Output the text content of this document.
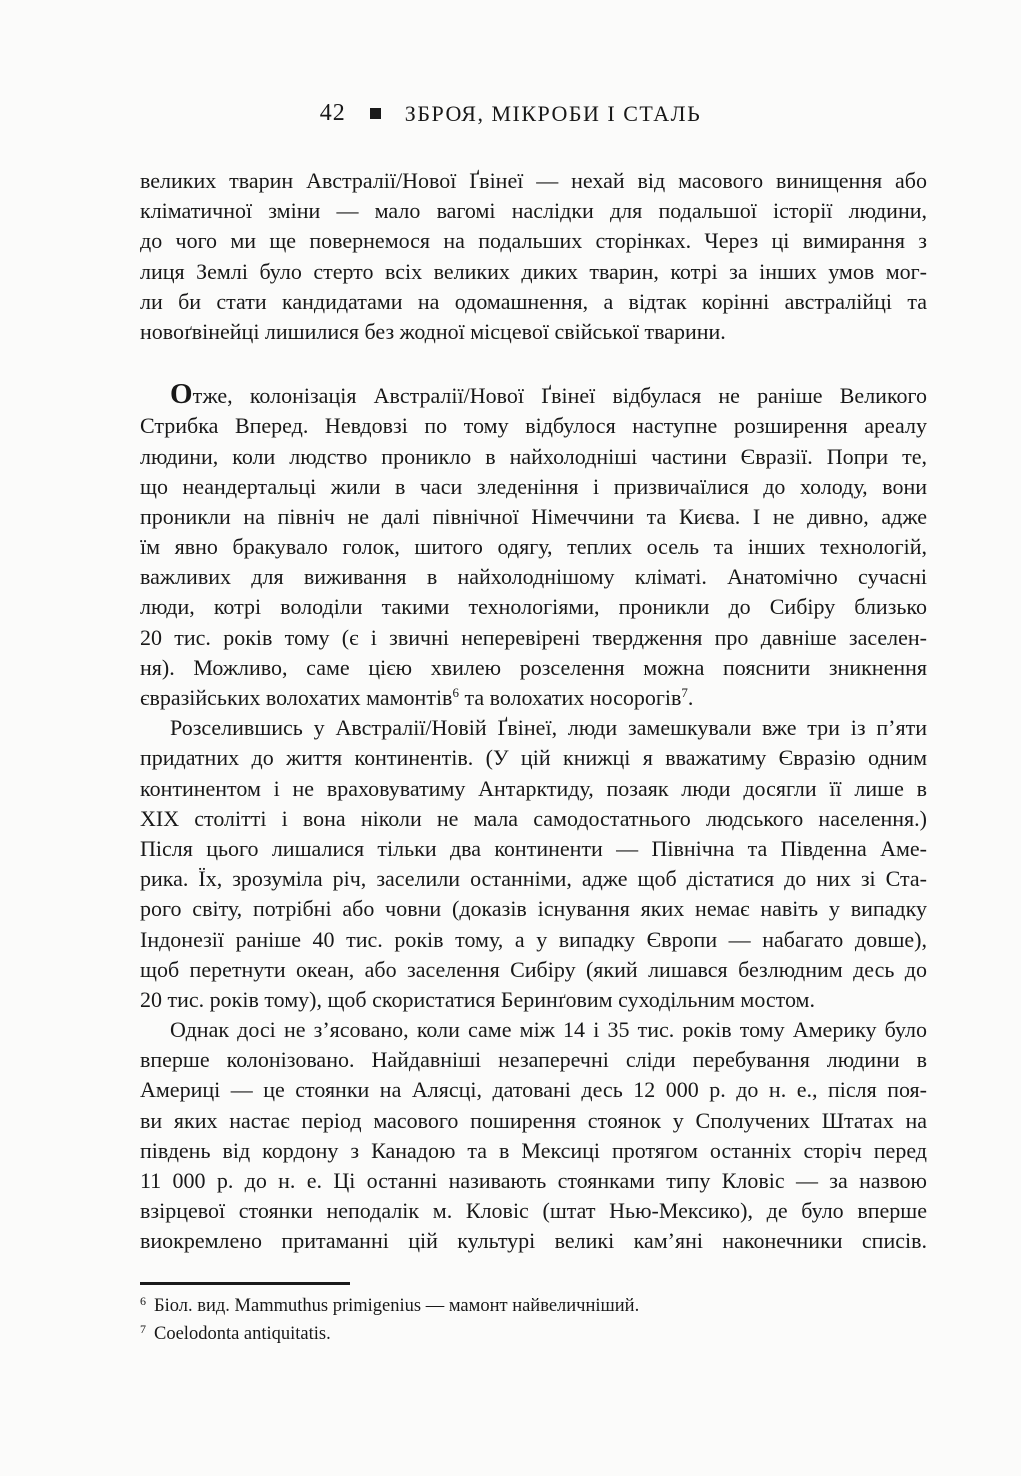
42	ЗБРОЯ, МІКРОБИ І СТАЛЬ
великих тварин Австралії/Нової Ґвінеї — нехай від масового винищення або
кліматичної зміни — мало вагомі наслідки для подальшої історії людини,
до чого ми ще повернемося на подальших сторінках. Через ці вимирання з
лиця Землі було стерто всіх великих диких тварин, котрі за інших умов мог-
ли би стати кандидатами на одомашнення, а відтак корінні австралійці та
новоґвінейці лишилися без жодної місцевої свійської тварини.
Отже, колонізація Австралії/Нової Ґвінеї відбулася не раніше Великого
Стрибка Вперед. Невдовзі по тому відбулося наступне розширення ареалу
людини, коли людство проникло в найхолодніші частини Євразії. Попри те,
що неандертальці жили в часи зледеніння і призвичаїлися до холоду, вони
проникли на північ не далі північної Німеччини та Києва. І не дивно, адже
їм явно бракувало голок, шитого одягу, теплих осель та інших технологій,
важливих для виживання в найхолоднішому кліматі. Анатомічно сучасні
люди, котрі володіли такими технологіями, проникли до Сибіру близько
20 тис. років тому (є і звичні неперевірені твердження про давніше заселен-
ня). Можливо, саме цією хвилею розселення можна пояснити зникнення
євразійських волохатих мамонтів$^6$ та волохатих носорогів$^7$.
Розселившись у Австралії/Новій Ґвінеї, люди замешкували вже три із п’яти
придатних до життя континентів. (У цій книжці я вважатиму Євразію одним
континентом і не враховуватиму Антарктиду, позаяк люди досягли її лише в
XIX столітті і вона ніколи не мала самодостатнього людського населення.)
Після цього лишалися тільки два континенти — Північна та Південна Аме-
рика. Їх, зрозуміла річ, заселили останніми, адже щоб дістатися до них зі Ста-
рого світу, потрібні або човни (доказів існування яких немає навіть у випадку
Індонезії раніше 40 тис. років тому, а у випадку Європи — набагато довше),
щоб перетнути океан, або заселення Сибіру (який лишався безлюдним десь до
20 тис. років тому), щоб скористатися Беринґовим суходільним мостом.
Однак досі не з’ясовано, коли саме між 14 і 35 тис. років тому Америку було
вперше колонізовано. Найдавніші незаперечні сліди перебування людини в
Америці — це стоянки на Алясці, датовані десь 12 000 р. до н. е., після поя-
ви яких настає період масового поширення стоянок у Сполучених Штатах на
південь від кордону з Канадою та в Мексиці протягом останніх сторіч перед
11 000 р. до н. е. Ці останні називають стоянками типу Кловіс — за назвою
взірцевої стоянки неподалік м. Кловіс (штат Нью-Мексико), де було вперше
виокремлено притаманні цій культурі великі кам’яні наконечники списів.
$^6$ Біол. вид. Mammuthus primigenius — мамонт найвеличніший.
$^7$ Coelodonta antiquitatis.
